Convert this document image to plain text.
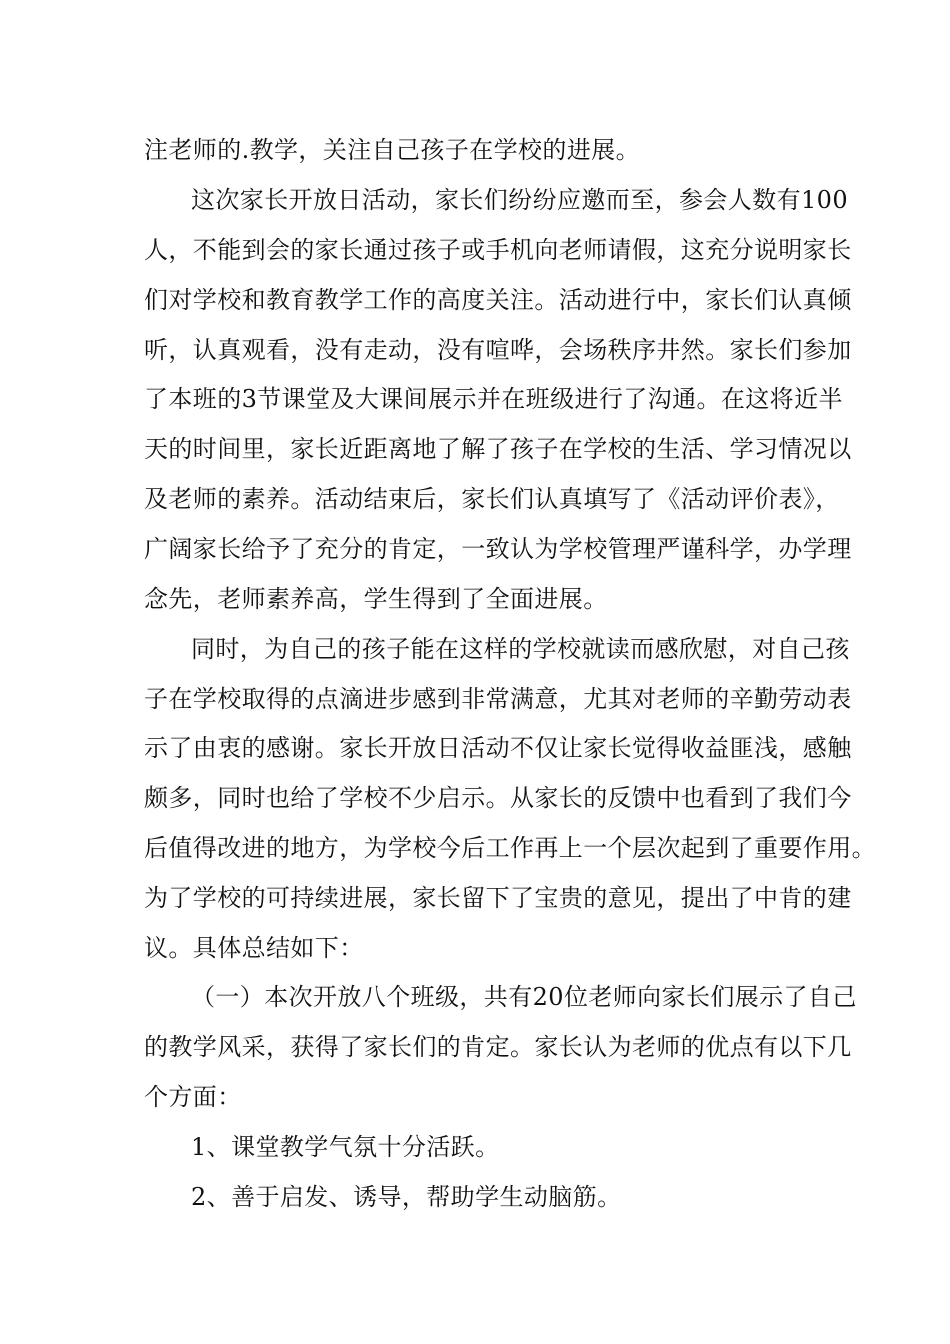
注老师的.教学，关注自己孩子在学校的进展。
这次家长开放日活动，家长们纷纷应邀而至，参会人数有100
人，不能到会的家长通过孩子或手机向老师请假，这充分说明家长
们对学校和教育教学工作的高度关注。活动进行中，家长们认真倾
听，认真观看，没有走动，没有喧哗，会场秩序井然。家长们参加
了本班的3节课堂及大课间展示并在班级进行了沟通。在这将近半
天的时间里，家长近距离地了解了孩子在学校的生活、学习情况以
及老师的素养。活动结束后，家长们认真填写了《活动评价表》，
广阔家长给予了充分的肯定，一致认为学校管理严谨科学，办学理
念先，老师素养高，学生得到了全面进展。
同时，为自己的孩子能在这样的学校就读而感欣慰，对自己孩
子在学校取得的点滴进步感到非常满意，尤其对老师的辛勤劳动表
示了由衷的感谢。家长开放日活动不仅让家长觉得收益匪浅，感触
颇多，同时也给了学校不少启示。从家长的反馈中也看到了我们今
后值得改进的地方，为学校今后工作再上一个层次起到了重要作用。
为了学校的可持续进展，家长留下了宝贵的意见，提出了中肯的建
议。具体总结如下：
（一）本次开放八个班级，共有20位老师向家长们展示了自己
的教学风采，获得了家长们的肯定。家长认为老师的优点有以下几
个方面：
1、课堂教学气氛十分活跃。
2、善于启发、诱导，帮助学生动脑筋。
